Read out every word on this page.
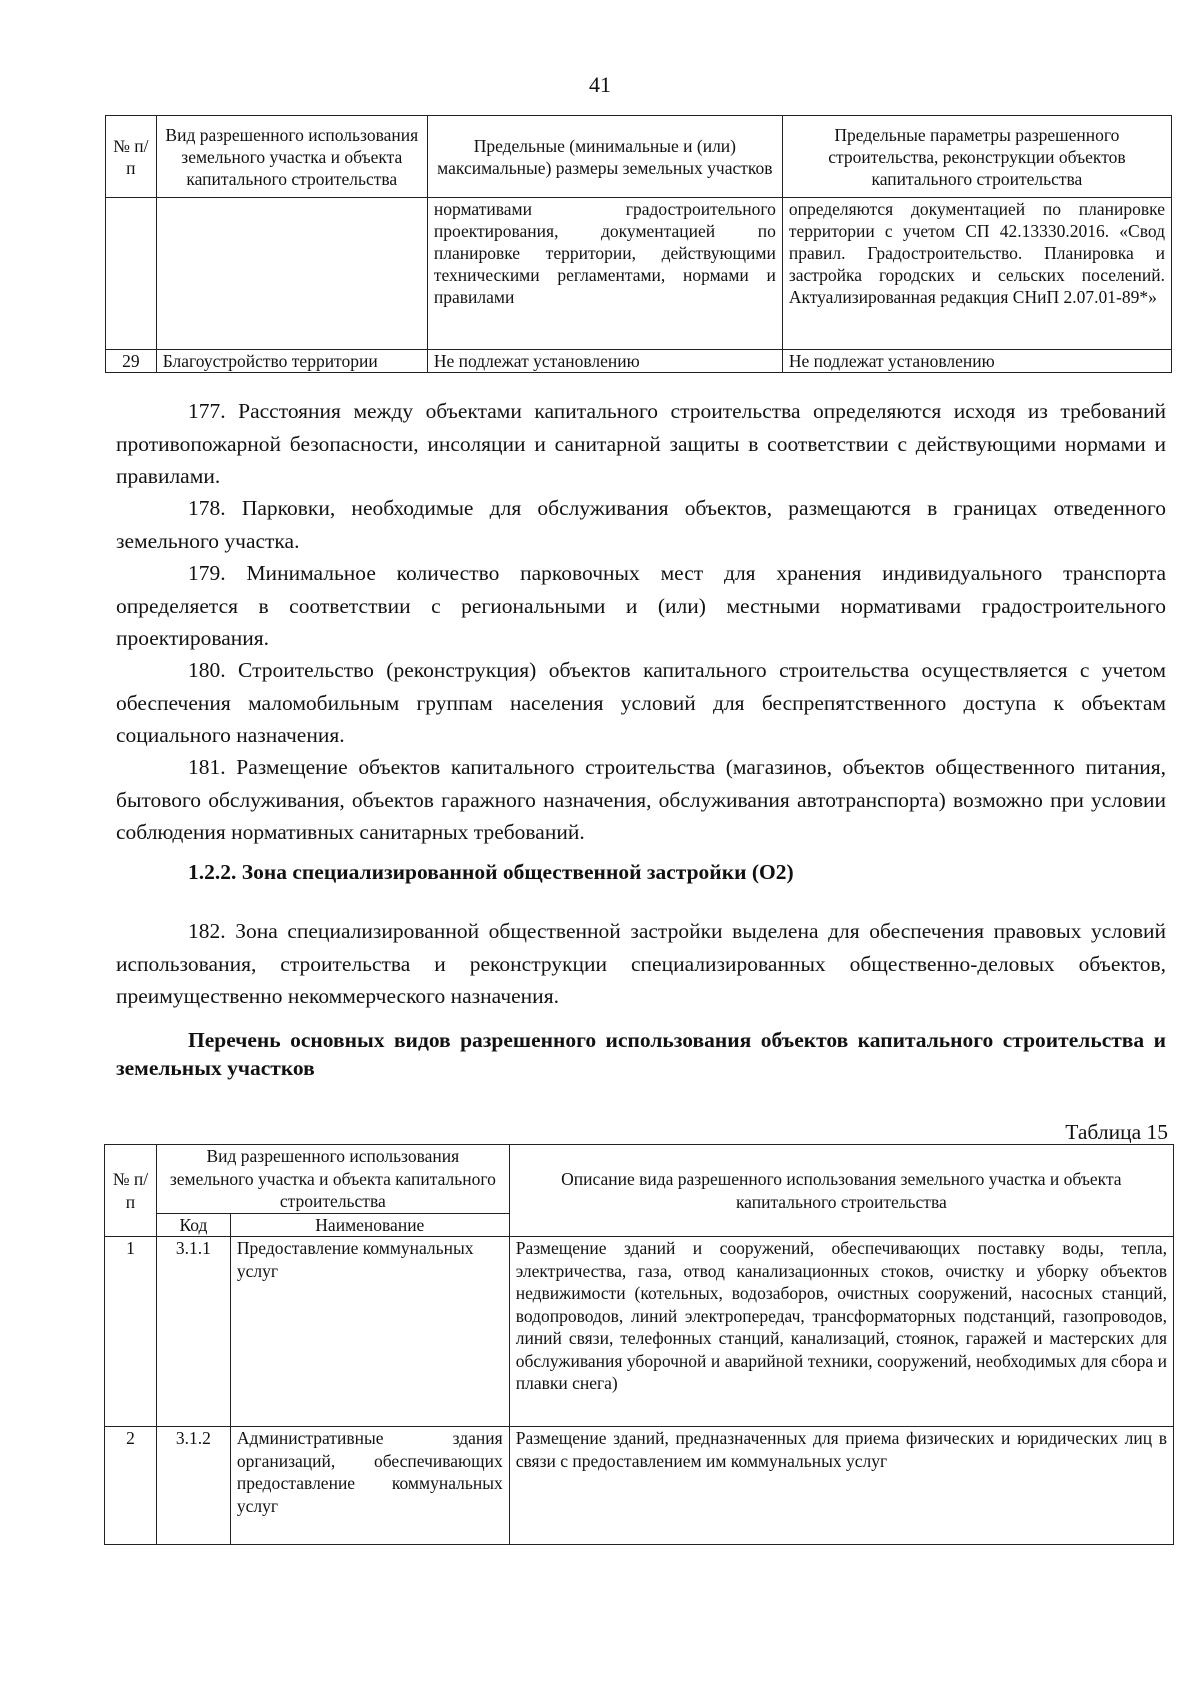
41
№ п/п	Вид разрешенного использования земельного участка и объекта капитального строительства	Предельные (минимальные и (или) максимальные) размеры земельных участков	Предельные параметры разрешенного строительства, реконструкции объектов капитального строительства
		нормативами градостроительного проектирования, документацией по планировке территории, действующими техническими регламентами, нормами и правилами	определяются документацией по планировке территории с учетом СП 42.13330.2016. «Свод правил. Градостроительство. Планировка и застройка городских и сельских поселений. Актуализированная редакция СНиП 2.07.01-89*»
29	Благоустройство территории	Не подлежат установлению	Не подлежат установлению
177. Расстояния между объектами капитального строительства определяются исходя из требований противопожарной безопасности, инсоляции и санитарной защиты в соответствии с действующими нормами и правилами.
178. Парковки, необходимые для обслуживания объектов, размещаются в границах отведенного земельного участка.
179. Минимальное количество парковочных мест для хранения индивидуального транспорта определяется в соответствии с региональными и (или) местными нормативами градостроительного проектирования.
180. Строительство (реконструкция) объектов капитального строительства осуществляется с учетом обеспечения маломобильным группам населения условий для беспрепятственного доступа к объектам социального назначения.
181. Размещение объектов капитального строительства (магазинов, объектов общественного питания, бытового обслуживания, объектов гаражного назначения, обслуживания автотранспорта) возможно при условии соблюдения нормативных санитарных требований.
1.2.2. Зона специализированной общественной застройки (О2)
182. Зона специализированной общественной застройки выделена для обеспечения правовых условий использования, строительства и реконструкции специализированных общественно-деловых объектов, преимущественно некоммерческого назначения.
Перечень основных видов разрешенного использования объектов капитального строительства и земельных участков
Таблица 15
№ п/п	Вид разрешенного использования земельного участка и объекта капитального строительства		Описание вида разрешенного использования земельного участка и объекта капитального строительства
	Код	Наименование	
1	3.1.1	Предоставление коммунальных услуг	Размещение зданий и сооружений, обеспечивающих поставку воды, тепла, электричества, газа, отвод канализационных стоков, очистку и уборку объектов недвижимости (котельных, водозаборов, очистных сооружений, насосных станций, водопроводов, линий электропередач, трансформаторных подстанций, газопроводов, линий связи, телефонных станций, канализаций, стоянок, гаражей и мастерских для обслуживания уборочной и аварийной техники, сооружений, необходимых для сбора и плавки снега)
2	3.1.2	Административные здания организаций, обеспечивающих предоставление коммунальных услуг	Размещение зданий, предназначенных для приема физических и юридических лиц в связи с предоставлением им коммунальных услуг
